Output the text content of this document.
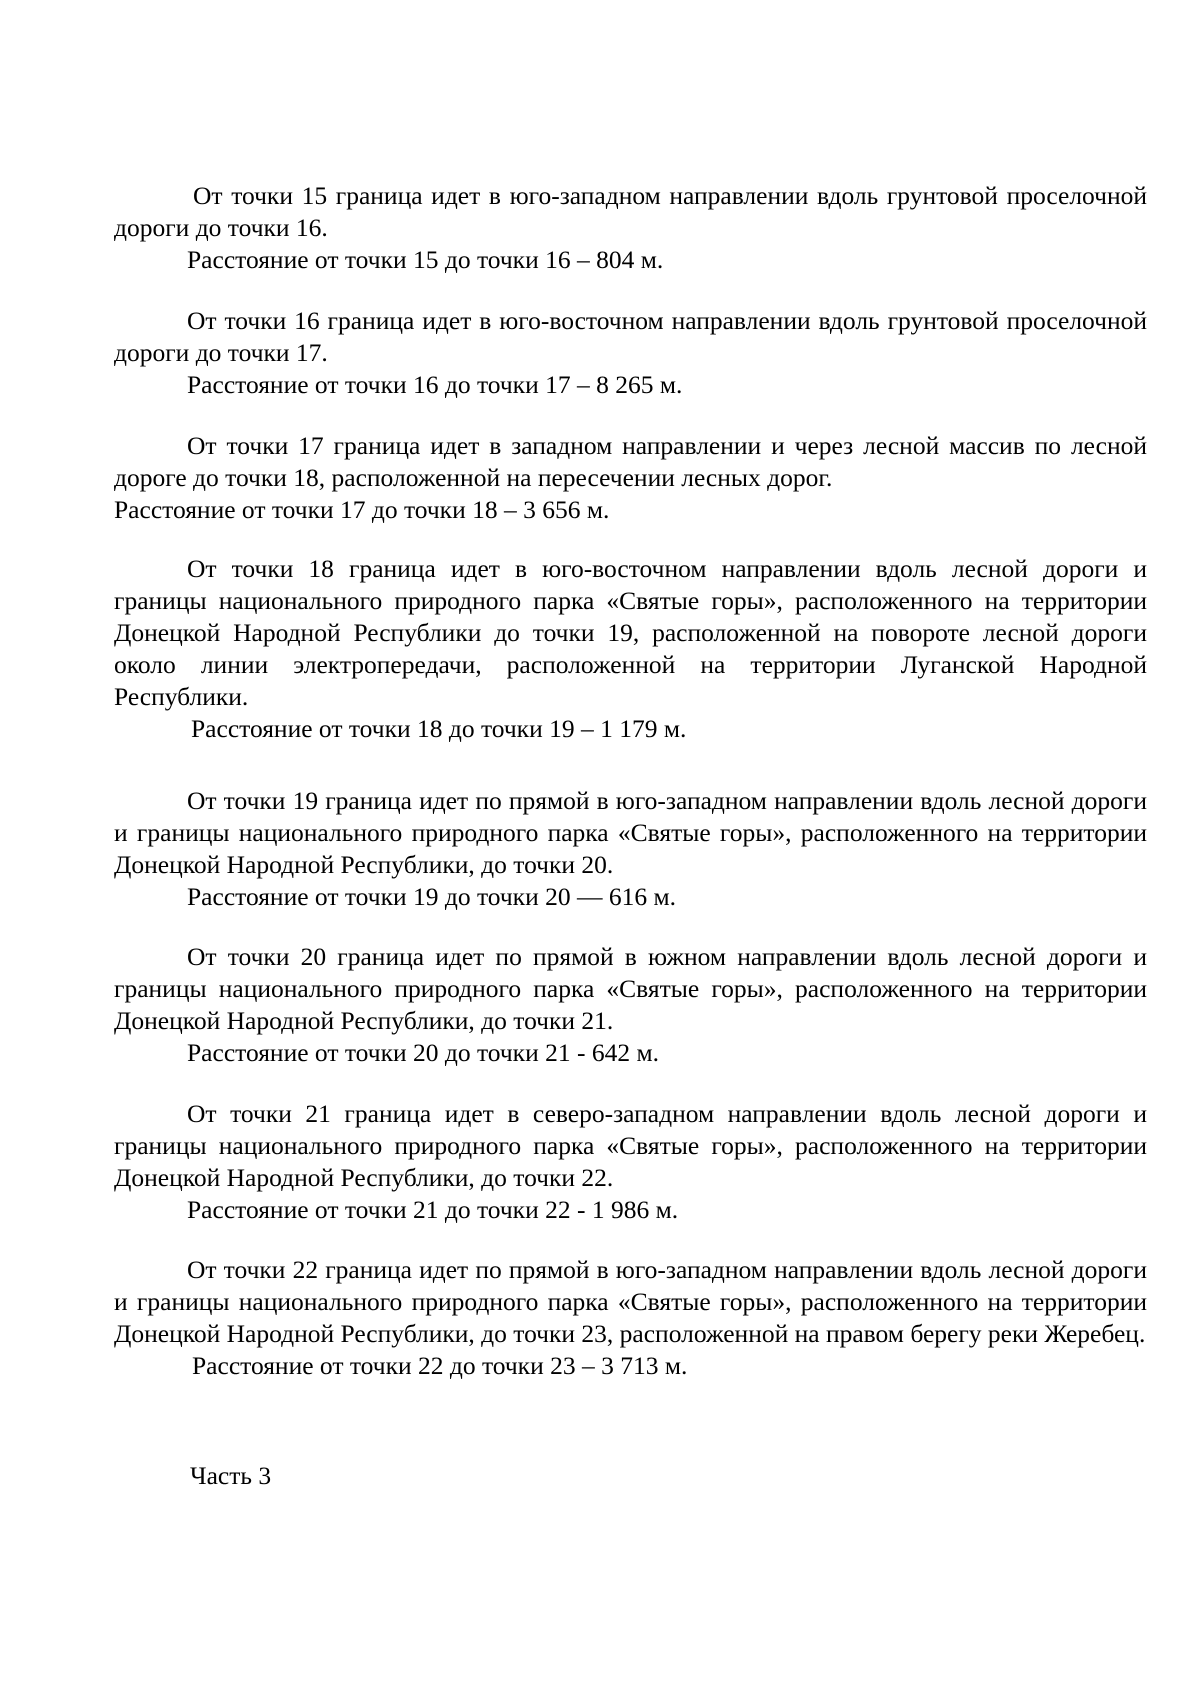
От точки 15 граница идет в юго-западном направлении вдоль грунтовой проселочной дороги до точки 16.

Расстояние от точки 15 до точки 16 – 804 м.

От точки 16 граница идет в юго-восточном направлении вдоль грунтовой проселочной дороги до точки 17.

Расстояние от точки 16 до точки 17 – 8 265 м.

От точки 17 граница идет в западном направлении и через лесной массив по лесной дороге до точки 18, расположенной на пересечении лесных дорог.

Расстояние от точки 17 до точки 18 – 3 656 м.

От точки 18 граница идет в юго-восточном направлении вдоль лесной дороги и границы национального природного парка «Святые горы», расположенного на территории Донецкой Народной Республики до точки 19, расположенной на повороте лесной дороги около линии электропередачи, расположенной на территории Луганской Народной Республики.

Расстояние от точки 18 до точки 19 – 1 179 м.

От точки 19 граница идет по прямой в юго-западном направлении вдоль лесной дороги и границы национального природного парка «Святые горы», расположенного на территории Донецкой Народной Республики, до точки 20.

Расстояние от точки 19 до точки 20 — 616 м.

От точки 20 граница идет по прямой в южном направлении вдоль лесной дороги и границы национального природного парка «Святые горы», расположенного на территории Донецкой Народной Республики, до точки 21.

Расстояние от точки 20 до точки 21 - 642 м.

От точки 21 граница идет в северо-западном направлении вдоль лесной дороги и границы национального природного парка «Святые горы», расположенного на территории Донецкой Народной Республики, до точки 22.

Расстояние от точки 21 до точки 22 - 1 986 м.

От точки 22 граница идет по прямой в юго-западном направлении вдоль лесной дороги и границы национального природного парка «Святые горы», расположенного на территории Донецкой Народной Республики, до точки 23, расположенной на правом берегу реки Жеребец.

Расстояние от точки 22 до точки 23 – 3 713 м.

Часть 3
